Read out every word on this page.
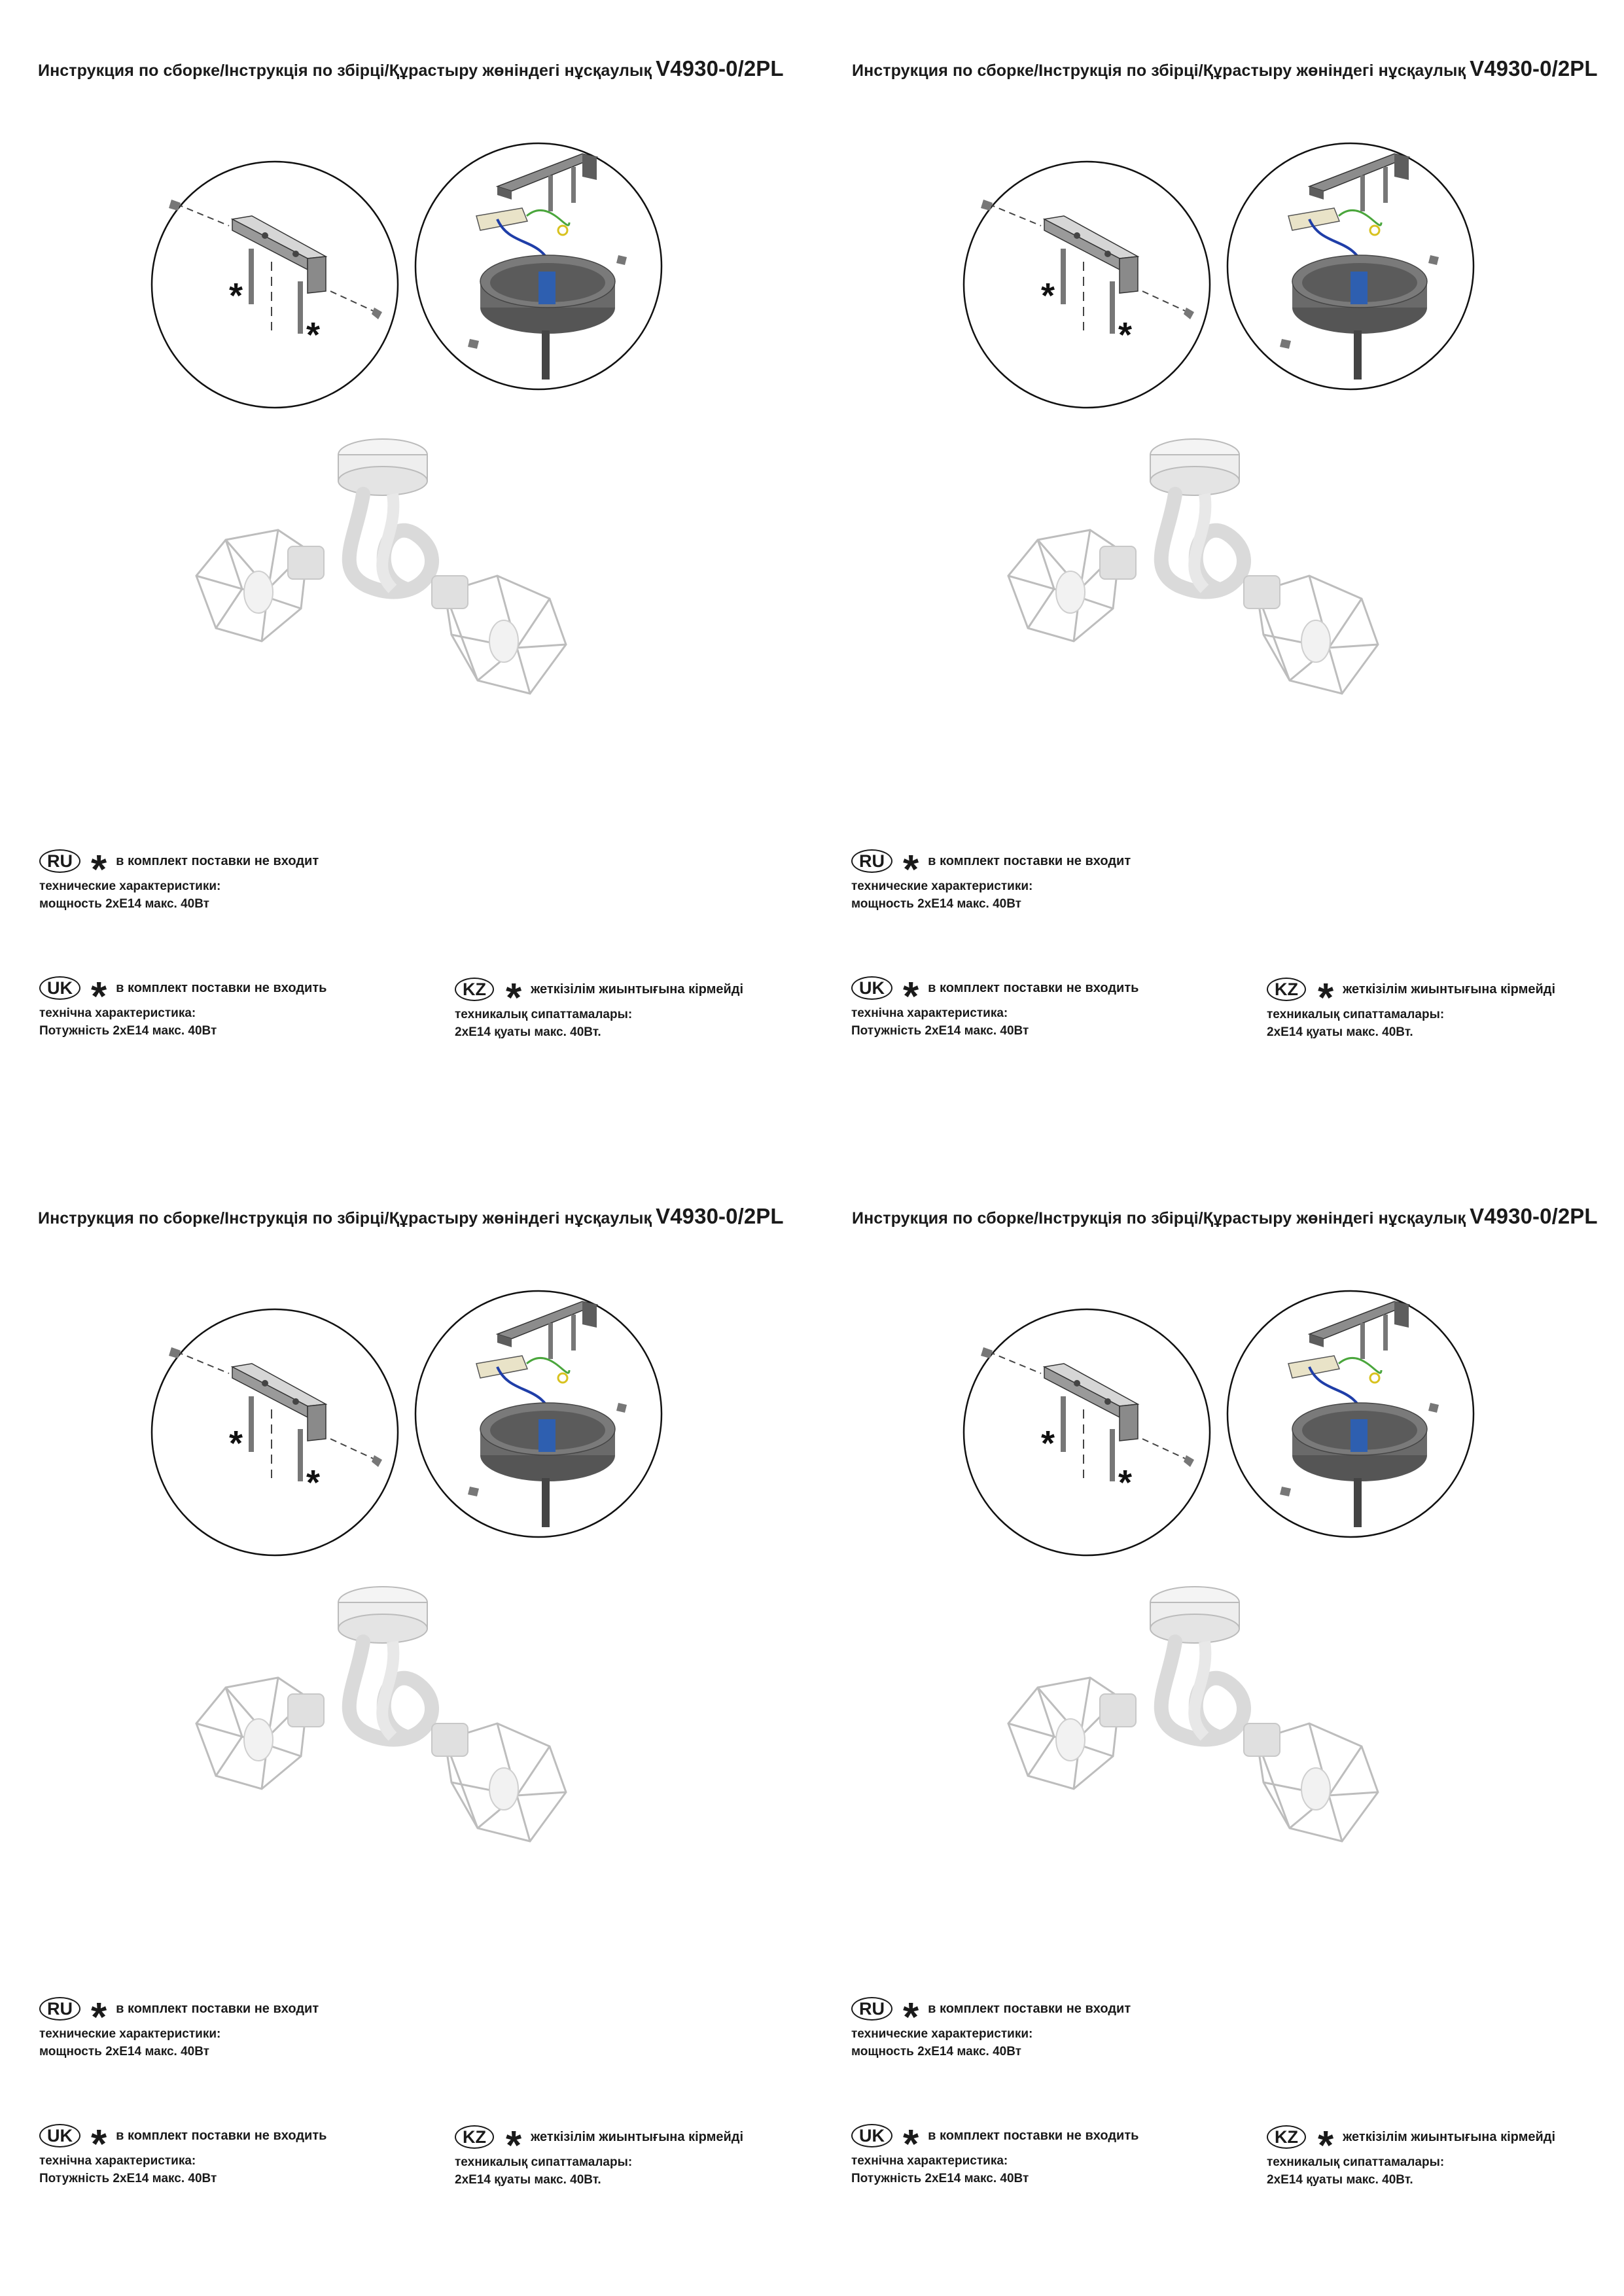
Инструкция по сборке/Інструкція по збірці/Құрастыру жөніндегі нұсқаулық V4930-0/2PL
RU * в комплект поставки не входит
технические характеристики:
мощность 2хЕ14 макс. 40Вт
UK * в комплект поставки не входить
технічна характеристика:
Потужність 2хЕ14 макс. 40Вт
KZ * жеткізілім жиынтығына кірмейді
техникалық сипаттамалары:
2хЕ14 қуаты макс. 40Вт.
Инструкция по сборке/Інструкція по збірці/Құрастыру жөніндегі нұсқаулық V4930-0/2PL
RU * в комплект поставки не входит
технические характеристики:
мощность 2хЕ14 макс. 40Вт
UK * в комплект поставки не входить
технічна характеристика:
Потужність 2хЕ14 макс. 40Вт
KZ * жеткізілім жиынтығына кірмейді
техникалық сипаттамалары:
2хЕ14 қуаты макс. 40Вт.
Инструкция по сборке/Інструкція по збірці/Құрастыру жөніндегі нұсқаулық V4930-0/2PL
RU * в комплект поставки не входит
технические характеристики:
мощность 2хЕ14 макс. 40Вт
UK * в комплект поставки не входить
технічна характеристика:
Потужність 2хЕ14 макс. 40Вт
KZ * жеткізілім жиынтығына кірмейді
техникалық сипаттамалары:
2хЕ14 қуаты макс. 40Вт.
Инструкция по сборке/Інструкція по збірці/Құрастыру жөніндегі нұсқаулық V4930-0/2PL
RU * в комплект поставки не входит
технические характеристики:
мощность 2хЕ14 макс. 40Вт
UK * в комплект поставки не входить
технічна характеристика:
Потужність 2хЕ14 макс. 40Вт
KZ * жеткізілім жиынтығына кірмейді
техникалық сипаттамалары:
2хЕ14 қуаты макс. 40Вт.
